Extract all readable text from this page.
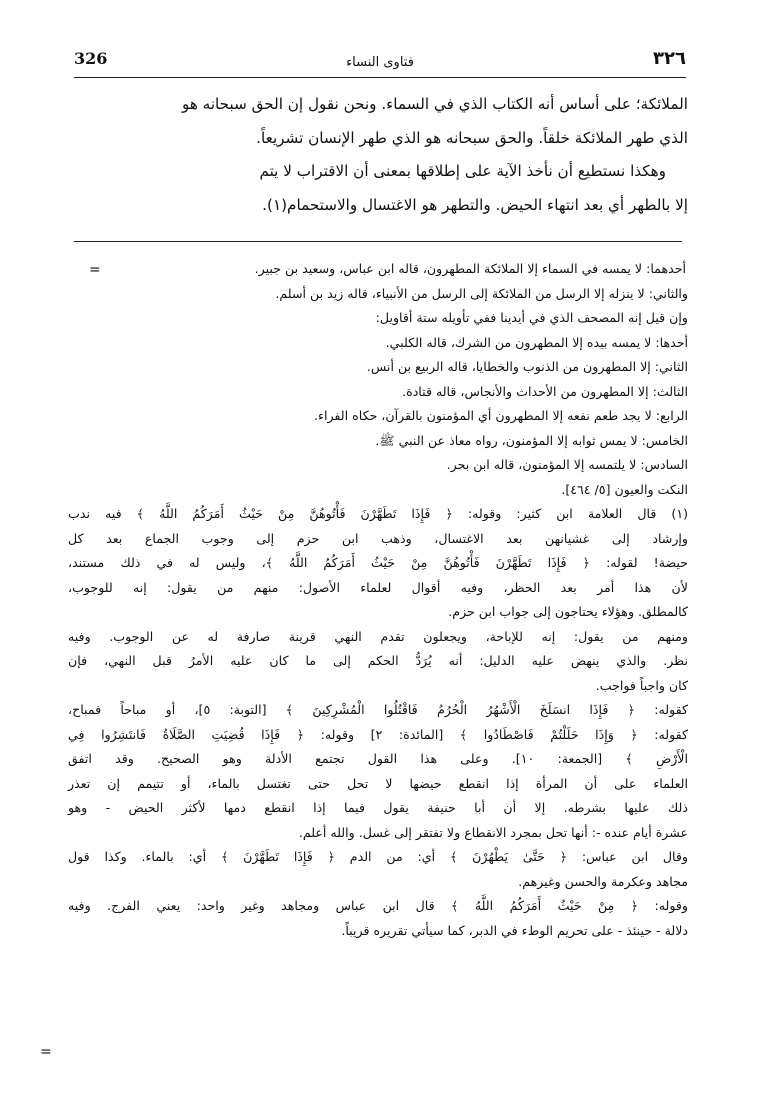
326	فتاوى النساء	٣٢٦

الملائكة؛ على أساس أنه الكتاب الذي في السماء. ونحن نقول إن الحق سبحانه هو

الذي طهر الملائكة خلقاً. والحق سبحانه هو الذي طهر الإنسان تشريعاً.

وهكذا نستطيع أن نأخذ الآية على إطلاقها بمعنى أن الاقتراب لا يتم

إلا بالطهر أي بعد انتهاء الحيض. والتطهر هو الاغتسال والاستحمام(١).

=	أحدهما: لا يمسه في السماء إلا الملائكة المطهرون، قاله ابن عباس، وسعيد بن جبير.

والثاني: لا ينزله إلا الرسل من الملائكة إلى الرسل من الأنبياء، قاله زيد بن أسلم.

وإن قيل إنه المصحف الذي في أيدينا ففي تأويله ستة أقاويل:

أحدها: لا يمسه بيده إلا المطهرون من الشرك، قاله الكلبي.

الثاني: إلا المطهرون من الذنوب والخطايا، قاله الربيع بن أنس.

الثالث: إلا المطهرون من الأحداث والأنجاس، قاله قتادة.

الرابع: لا يجد طعم نفعه إلا المطهرون أي المؤمنون بالقرآن، حكاه الفراء.

الخامس: لا يمس ثوابه إلا المؤمنون، رواه معاذ عن النبي ﷺ.

السادس: لا يلتمسه إلا المؤمنون، قاله ابن بحر.

النكت والعيون [٥/ ٤٦٤].

(١) قال العلامة ابن كثير: وقوله: ﴿ فَإِذَا تَطَهَّرْنَ فَأْتُوهُنَّ مِنْ حَيْثُ أَمَرَكُمُ اللَّهُ ﴾ فيه ندب

وإرشاد إلى غشيانهن بعد الاغتسال، وذهب ابن حزم إلى وجوب الجماع بعد كل

حيضة! لقوله: ﴿ فَإِذَا تَطَهَّرْنَ فَأْتُوهُنَّ مِنْ حَيْثُ أَمَرَكُمُ اللَّهُ ﴾، وليس له في ذلك مستند،

لأن هذا أمر بعد الحظر، وفيه أقوال لعلماء الأصول: منهم من يقول: إنه للوجوب،

كالمطلق. وهؤلاء يحتاجون إلى جواب ابن حزم.

ومنهم من يقول: إنه للإباحة، ويجعلون تقدم النهي قرينة صارفة له عن الوجوب. وفيه

نظر. والذي ينهض عليه الدليل: أنه يُرَدُّ الحكم إلى ما كان عليه الأمرُ قبل النهي، فإن

كان واجباً فواجب.

كقوله: ﴿ فَإِذَا انسَلَخَ الْأَشْهُرُ الْحُرُمُ فَاقْتُلُوا الْمُشْرِكِينَ ﴾ [التوبة: ٥]، أو مباحاً فمباح،

كقوله: ﴿ وَإِذَا حَلَلْتُمْ فَاصْطَادُوا ﴾ [المائدة: ٢] وقوله: ﴿ فَإِذَا قُضِيَتِ الصَّلَاةُ فَانتَشِرُوا فِي

الْأَرْضِ ﴾ [الجمعة: ١٠]. وعلى هذا القول تجتمع الأدلة وهو الصحيح. وقد اتفق

العلماء على أن المرأة إذا انقطع حيضها لا تحل حتى تغتسل بالماء، أو تتيمم إن تعذر

ذلك عليها بشرطه. إلا أن أبا حنيفة يقول فيما إذا انقطع دمها لأكثر الحيض - وهو

عشرة أيام عنده -: أنها تحل بمجرد الانقطاع ولا تفتقر إلى غسل. والله أعلم.

وقال ابن عباس: ﴿ حَتَّىٰ يَطْهُرْنَ ﴾ أي: من الدم ﴿ فَإِذَا تَطَهَّرْنَ ﴾ أي: بالماء. وكذا قول

مجاهد وعكرمة والحسن وغيرهم.

وقوله: ﴿ مِنْ حَيْثُ أَمَرَكُمُ اللَّهُ ﴾ قال ابن عباس ومجاهد وغير واحد: يعني الفرج. وفيه

دلالة - حينئذ - على تحريم الوطء في الدبر، كما سيأتي تقريره قريباً.

=
